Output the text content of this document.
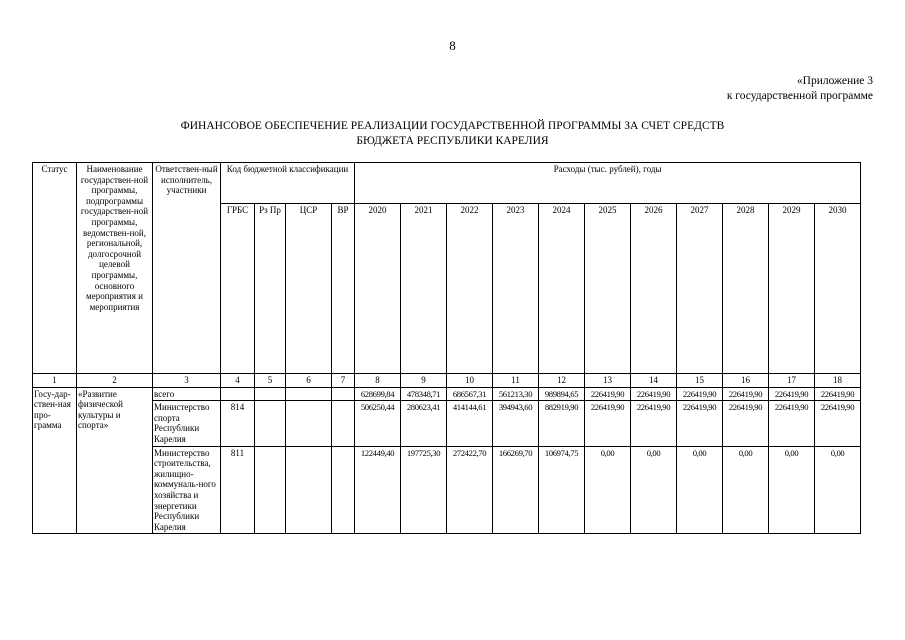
8
«Приложение 3
к государственной программе
ФИНАНСОВОЕ ОБЕСПЕЧЕНИЕ РЕАЛИЗАЦИИ ГОСУДАРСТВЕННОЙ ПРОГРАММЫ ЗА СЧЕТ СРЕДСТВ
БЮДЖЕТА РЕСПУБЛИКИ КАРЕЛИЯ
Статус	Наименование государствен-ной программы, подпрограммы государствен-ной программы, ведомствен-ной, региональной, долгосрочной целевой программы, основного мероприятия и мероприятия	Ответствен-ный исполнитель, участники	Код бюджетной классификации				Расходы (тыс. рублей), годы										
			ГРБС	Рз Пр	ЦСР	ВР	2020	2021	2022	2023	2024	2025	2026	2027	2028	2029	2030
1	2	3	4	5	6	7	8	9	10	11	12	13	14	15	16	17	18
Госу-дар-ствен-ная про-грамма	«Развитие физической культуры и спорта»	всего					628699,84	478348,71	686567,31	561213,30	989894,65	226419,90	226419,90	226419,90	226419,90	226419,90	226419,90
		Министерство спорта Республики Карелия	814				506250,44	280623,41	414144,61	394943,60	882919,90	226419,90	226419,90	226419,90	226419,90	226419,90	226419,90
		Министерство строительства, жилищно-коммуналь-ного хозяйства и энергетики Республики Карелия	811				122449,40	197725,30	272422,70	166269,70	106974,75	0,00	0,00	0,00	0,00	0,00	0,00
